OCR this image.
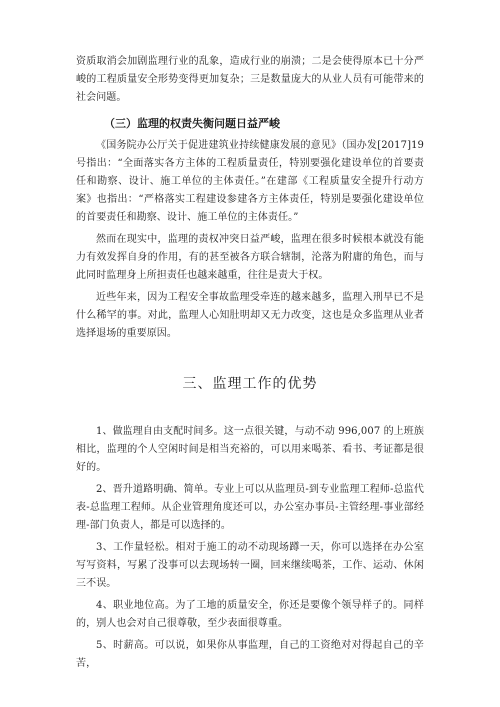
资质取消会加剧监理行业的乱象，造成行业的崩溃；二是会使得原本已十分严峻的工程质量安全形势变得更加复杂；三是数量庞大的从业人员有可能带来的社会问题。

（三）监理的权责失衡问题日益严峻

《国务院办公厅关于促进建筑业持续健康发展的意见》（国办发[2017]19 号指出：“全面落实各方主体的工程质量责任，特别要强化建设单位的首要责任和勘察、设计、施工单位的主体责任。”在建部《工程质量安全提升行动方案》也指出：“严格落实工程建设参建各方主体责任，特别是要强化建设单位的首要责任和勘察、设计、施工单位的主体责任。”

然而在现实中，监理的责权冲突日益严峻，监理在很多时候根本就没有能力有效发挥自身的作用，有的甚至被各方联合辖制，沦落为附庸的角色，而与此同时监理身上所担责任也越来越重，往往是责大于权。

近些年来，因为工程安全事故监理受牵连的越来越多，监理入刑早已不是什么稀罕的事。对此，监理人心知肚明却又无力改变，这也是众多监理从业者选择退场的重要原因。

三、监理工作的优势

1、做监理自由支配时间多。这一点很关键，与动不动 996,007 的上班族相比，监理的个人空闲时间是相当充裕的，可以用来喝茶、看书、考证都是很好的。

2、晋升道路明确、简单。专业上可以从监理员-到专业监理工程师-总监代表-总监理工程师。从企业管理角度还可以，办公室办事员-主管经理-事业部经理-部门负责人，都是可以选择的。

3、工作量轻松。相对于施工的动不动现场蹲一天，你可以选择在办公室写写资料，写累了没事可以去现场转一圈，回来继续喝茶，工作、运动、休闲三不误。

4、职业地位高。为了工地的质量安全，你还是要像个领导样子的。同样的，别人也会对自己很尊敬，至少表面很尊重。

5、时薪高。可以说，如果你从事监理，自己的工资绝对对得起自己的辛苦，
